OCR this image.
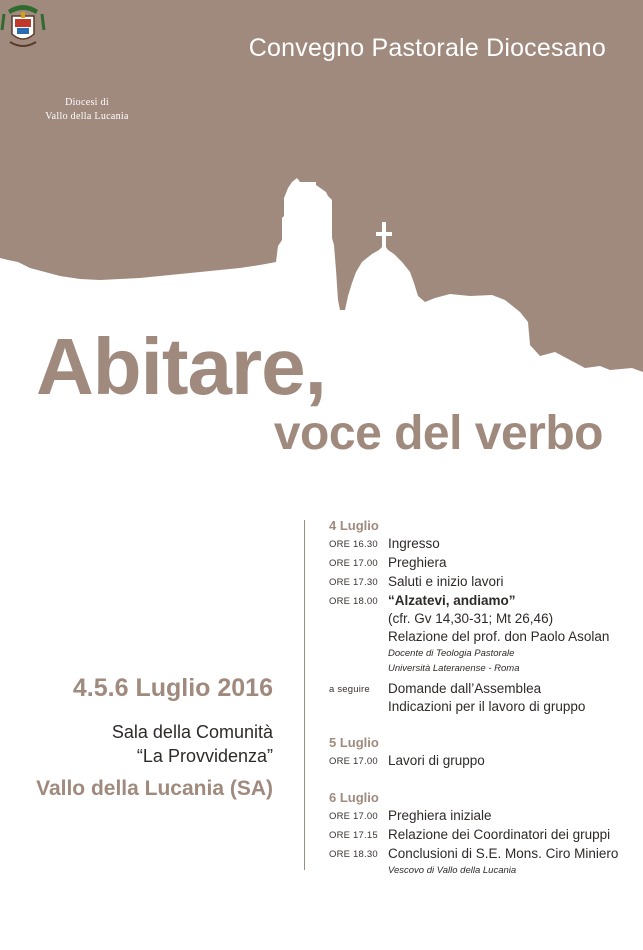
Diocesi di
Vallo della Lucania
Convegno Pastorale Diocesano
Abitare,
voce del verbo
4.5.6 Luglio 2016
Sala della Comunità
“La Provvidenza”
Vallo della Lucania (SA)
4 Luglio
ORE 16.30 Ingresso
ORE 17.00 Preghiera
ORE 17.30 Saluti e inizio lavori
ORE 18.00 “Alzatevi, andiamo”
(cfr. Gv 14,30-31; Mt 26,46)
Relazione del prof. don Paolo Asolan
Docente di Teologia Pastorale
Università Lateranense - Roma
a seguire	Domande dall’Assemblea
Indicazioni per il lavoro di gruppo
5 Luglio
ORE 17.00 Lavori di gruppo
6 Luglio
ORE 17.00 Preghiera iniziale
ORE 17.15 Relazione dei Coordinatori dei gruppi
ORE 18.30 Conclusioni di S.E. Mons. Ciro Miniero
Vescovo di Vallo della Lucania
